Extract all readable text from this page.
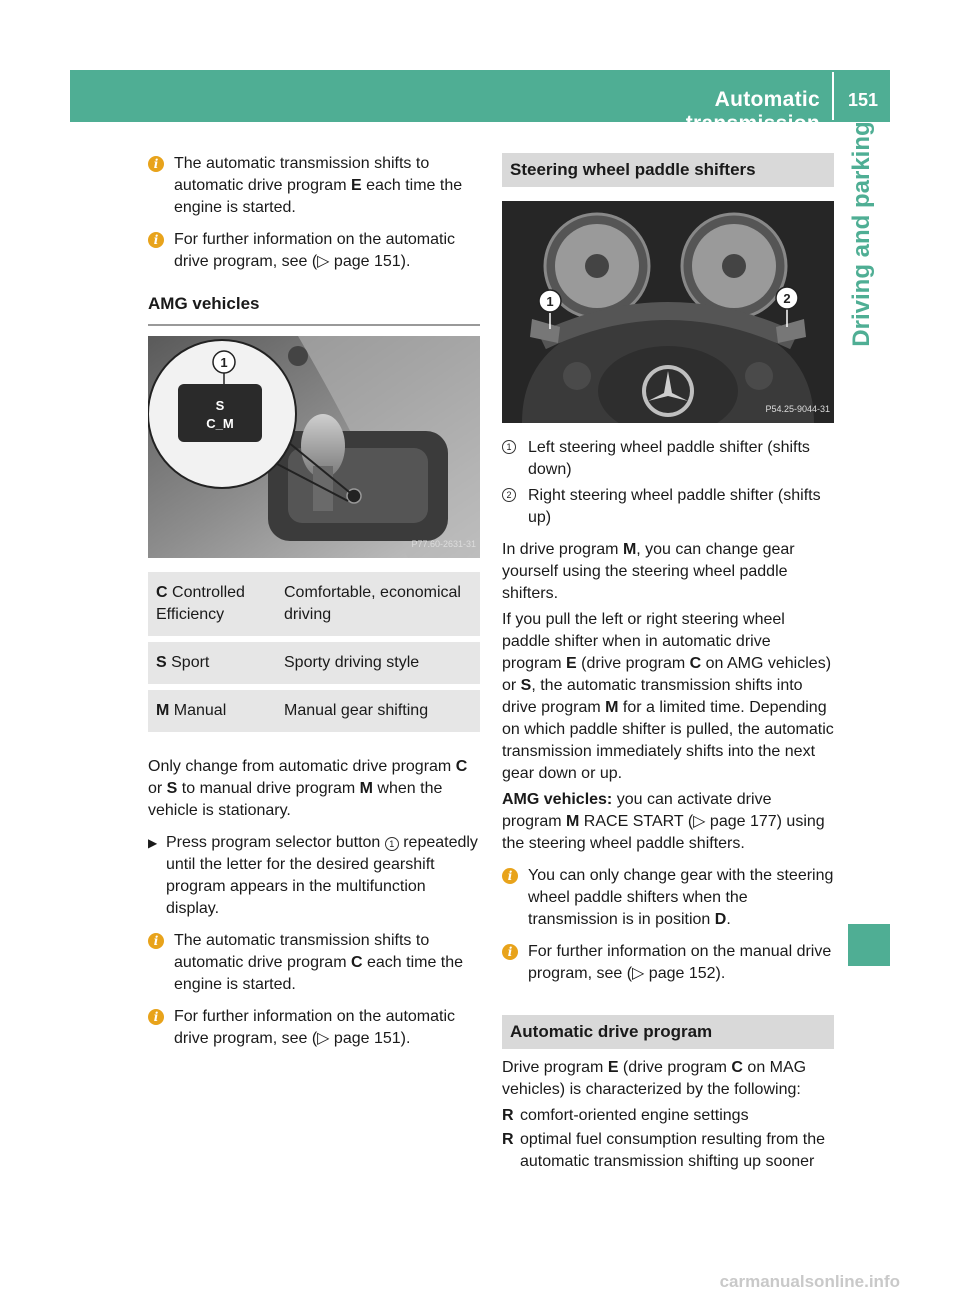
Automatic transmission
151
Driving and parking
i The automatic transmission shifts to automatic drive program E each time the engine is started.
i For further information on the automatic drive program, see (▷ page 151).
AMG vehicles
S
C_M
1
P77.60-2631-31
C Controlled Efficiency	Comfortable, economical driving
S Sport	Sporty driving style
M Manual	Manual gear shifting

Only change from automatic drive program C or S to manual drive program M when the vehicle is stationary.

▶ Press program selector button 1 repeatedly until the letter for the desired gearshift program appears in the multifunction display.
i The automatic transmission shifts to automatic drive program C each time the engine is started.
i For further information on the automatic drive program, see (▷ page 151).
Steering wheel paddle shifters
1	2
P54.25-9044-31
1 Left steering wheel paddle shifter (shifts down)
2 Right steering wheel paddle shifter (shifts up)

In drive program M, you can change gear yourself using the steering wheel paddle shifters.

If you pull the left or right steering wheel paddle shifter when in automatic drive program E (drive program C on AMG vehicles) or S, the automatic transmission shifts into drive program M for a limited time. Depending on which paddle shifter is pulled, the automatic transmission immediately shifts into the next gear down or up.

AMG vehicles: you can activate drive program M RACE START (▷ page 177) using the steering wheel paddle shifters.

i You can only change gear with the steering wheel paddle shifters when the transmission is in position D.
i For further information on the manual drive program, see (▷ page 152).
Automatic drive program

Drive program E (drive program C on MAG vehicles) is characterized by the following:

R comfort-oriented engine settings
R optimal fuel consumption resulting from the automatic transmission shifting up sooner
carmanualsonline.info
